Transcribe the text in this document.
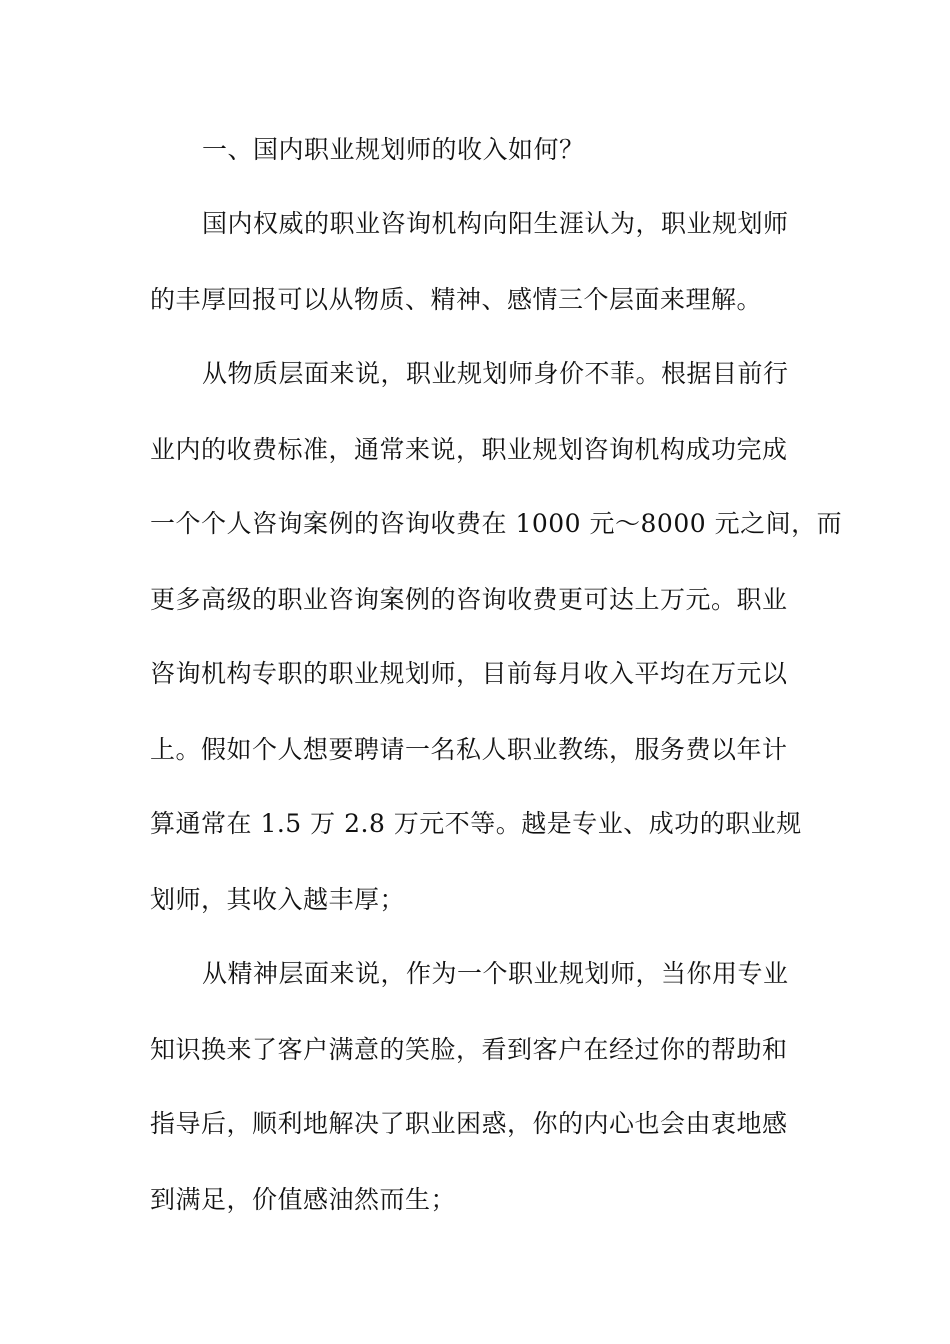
一、国内职业规划师的收入如何？
国内权威的职业咨询机构向阳生涯认为，职业规划师
的丰厚回报可以从物质、精神、感情三个层面来理解。
从物质层面来说，职业规划师身价不菲。根据目前行
业内的收费标准，通常来说，职业规划咨询机构成功完成
一个个人咨询案例的咨询收费在 1000 元～8000 元之间，而
更多高级的职业咨询案例的咨询收费更可达上万元。职业
咨询机构专职的职业规划师，目前每月收入平均在万元以
上。假如个人想要聘请一名私人职业教练，服务费以年计
算通常在 1.5 万 2.8 万元不等。越是专业、成功的职业规
划师，其收入越丰厚；
从精神层面来说，作为一个职业规划师，当你用专业
知识换来了客户满意的笑脸，看到客户在经过你的帮助和
指导后，顺利地解决了职业困惑，你的内心也会由衷地感
到满足，价值感油然而生；
